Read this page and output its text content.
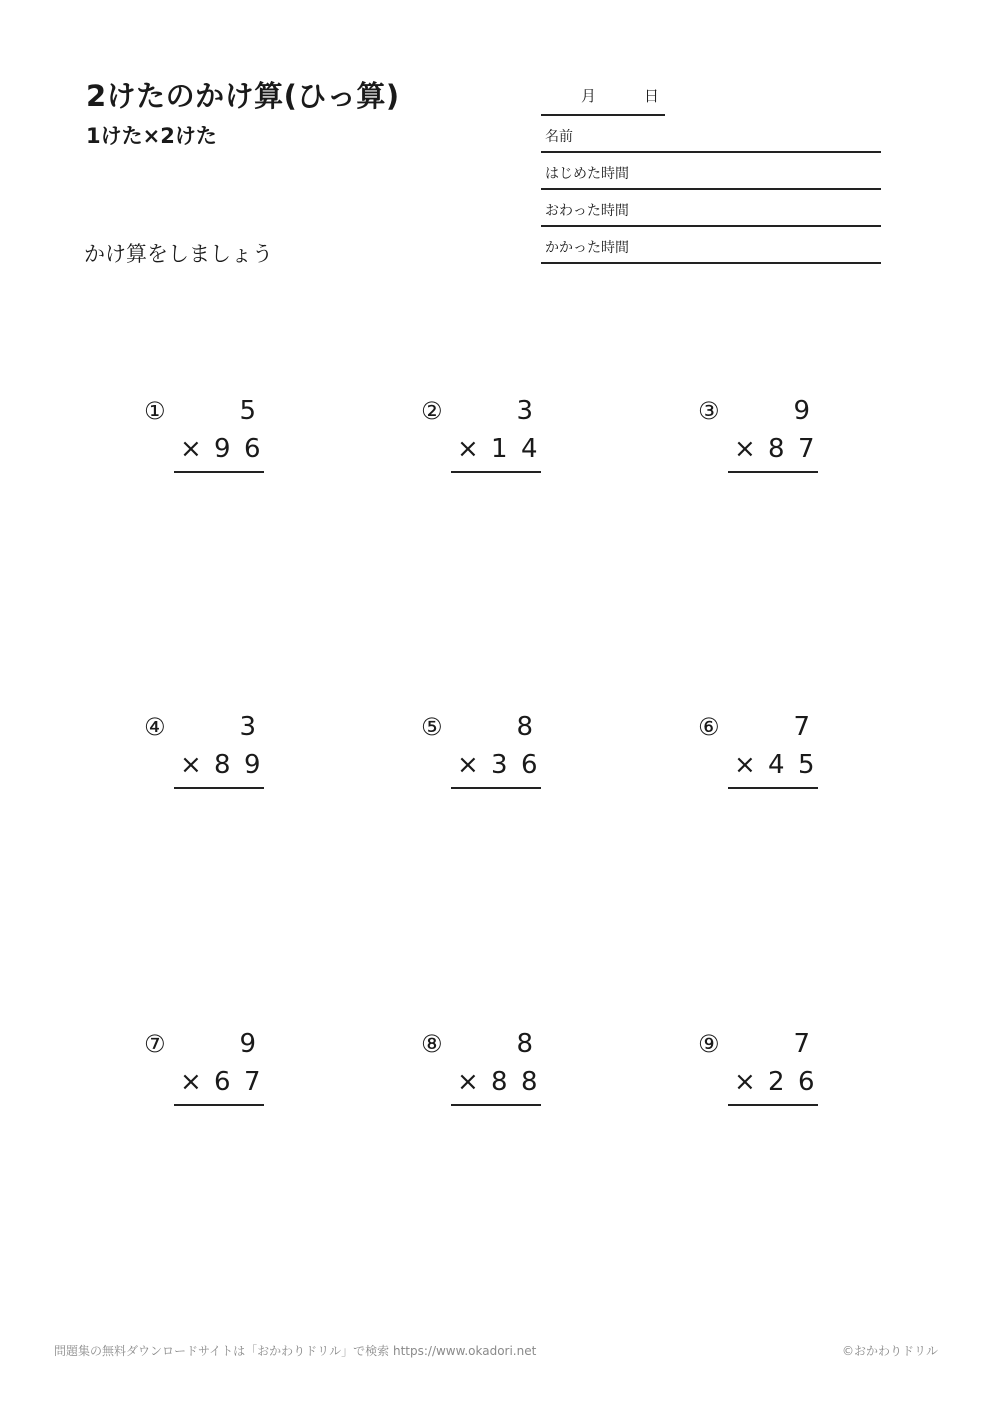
2けたのかけ算(ひっ算)
1けた×2けた
かけ算をしましょう
月	日
名前
はじめた時間
おわった時間
かかった時間
①	5
× 9 6
②	3
× 1 4
③	9
× 8 7
④	3
× 8 9
⑤	8
× 3 6
⑥	7
× 4 5
⑦	9
× 6 7
⑧	8
× 8 8
⑨	7
× 2 6
問題集の無料ダウンロードサイトは「おかわりドリル」で検索 https://www.okadori.net	©おかわりドリル
